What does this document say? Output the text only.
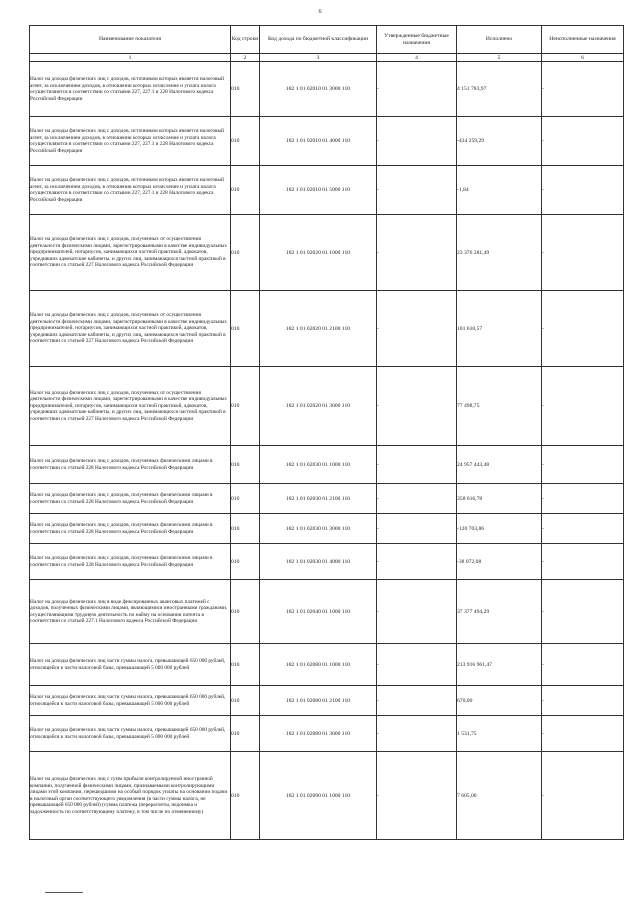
6
Наименование показателя	Код строки	Код дохода по бюджетной классификации	Утвержденные бюджетные назначения	Исполнено	Неисполненные назначения
1	2	3	4	5	6
Налог на доходы физических лиц с доходов, источником которых является налоговый агент, за исключением доходов, в отношении которых исчисление и уплата налога осуществляются в соответствии со статьями 227, 227.1 и 228 Налогового кодекса Российской Федерации	010	182 1 01 02010 01 3000 110	-	4 151 783,97	-
Налог на доходы физических лиц с доходов, источником которых является налоговый агент, за исключением доходов, в отношении которых исчисление и уплата налога осуществляются в соответствии со статьями 227, 227.1 и 228 Налогового кодекса Российской Федерации	010	182 1 01 02010 01 4000 110	-	-434 259,29	-
Налог на доходы физических лиц с доходов, источником которых является налоговый агент, за исключением доходов, в отношении которых исчисление и уплата налога осуществляются в соответствии со статьями 227, 227.1 и 228 Налогового кодекса Российской Федерации	010	182 1 01 02010 01 5000 110	-	-1,84	-
Налог на доходы физических лиц с доходов, полученных от осуществления деятельности физическими лицами, зарегистрированными в качестве индивидуальных предпринимателей, нотариусов, занимающихся частной практикой, адвокатов, учредивших адвокатские кабинеты, и других лиц, занимающихся частной практикой в соответствии со статьей 227 Налогового кодекса Российской Федерации	010	182 1 01 02020 01 1000 110	-	23 376 281,49	-
Налог на доходы физических лиц с доходов, полученных от осуществления деятельности физическими лицами, зарегистрированными в качестве индивидуальных предпринимателей, нотариусов, занимающихся частной практикой, адвокатов, учредивших адвокатские кабинеты, и других лиц, занимающихся частной практикой в соответствии со статьей 227 Налогового кодекса Российской Федерации	010	182 1 01 02020 01 2100 110	-	101 610,57	-
Налог на доходы физических лиц с доходов, полученных от осуществления деятельности физическими лицами, зарегистрированными в качестве индивидуальных предпринимателей, нотариусов, занимающихся частной практикой, адвокатов, учредивших адвокатские кабинеты, и других лиц, занимающихся частной практикой в соответствии со статьей 227 Налогового кодекса Российской Федерации	010	182 1 01 02020 01 3000 110	-	77 498,75	-
Налог на доходы физических лиц с доходов, полученных физическими лицами в соответствии со статьей 228 Налогового кодекса Российской Федерации	010	182 1 01 02030 01 1000 110	-	24 957 443,48	-
Налог на доходы физических лиц с доходов, полученных физическими лицами в соответствии со статьей 228 Налогового кодекса Российской Федерации	010	182 1 01 02030 01 2100 110	-	358 616,78	-
Налог на доходы физических лиц с доходов, полученных физическими лицами в соответствии со статьей 228 Налогового кодекса Российской Федерации	010	182 1 01 02030 01 3000 110	-	-120 703,86	-
Налог на доходы физических лиц с доходов, полученных физическими лицами в соответствии со статьей 228 Налогового кодекса Российской Федерации	010	182 1 01 02030 01 4000 110	-	-38 072,08	-
Налог на доходы физических лиц в виде фиксированных авансовых платежей с доходов, полученных физическими лицами, являющимися иностранными гражданами, осуществляющими трудовую деятельность по найму на основании патента в соответствии со статьей 227.1 Налогового кодекса Российской Федерации	010	182 1 01 02040 01 1000 110	-	37 377 494,29	-
Налог на доходы физических лиц части суммы налога, превышающей 650 000 рублей, относящейся к части налоговой базы, превышающей 5 000 000 рублей	010	182 1 01 02080 01 1000 110	-	213 916 961,47	-
Налог на доходы физических лиц части суммы налога, превышающей 650 000 рублей, относящейся к части налоговой базы, превышающей 5 000 000 рублей	010	182 1 01 02080 01 2100 110	-	670,00	-
Налог на доходы физических лиц части суммы налога, превышающей 650 000 рублей, относящейся к части налоговой базы, превышающей 5 000 000 рублей	010	182 1 01 02080 01 3000 110	-	1 531,75	-
Налог на доходы физических лиц с сумм прибыли контролируемой иностранной компании, полученной физическими лицами, признаваемыми контролирующими лицами этой компании, перешедшими на особый порядок уплаты на основании подачи в налоговый орган соответствующего уведомления (в части суммы налога, не превышающей 650 000 рублей) (сумма платежа (перерасчеты, недоимка и задолженность по соответствующему платежу, в том числе по отмененному)	010	182 1 01 02090 01 1000 110	-	7 605,00	-
